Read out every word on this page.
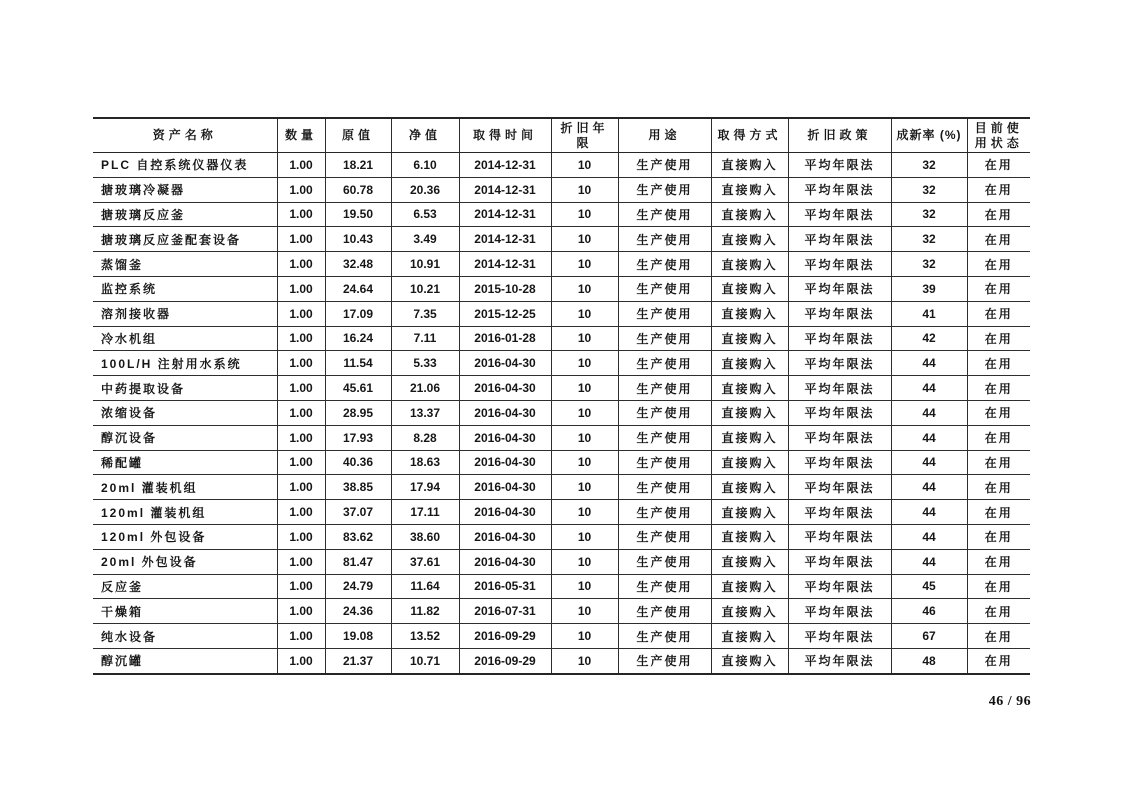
资产名称	数量	原值	净值	取得时间	折旧年限	用途	取得方式	折旧政策	成新率 (%)	目前使用状态
PLC 自控系统仪器仪表	1.00	18.21	6.10	2014-12-31	10	生产使用	直接购入	平均年限法	32	在用
搪玻璃冷凝器	1.00	60.78	20.36	2014-12-31	10	生产使用	直接购入	平均年限法	32	在用
搪玻璃反应釜	1.00	19.50	6.53	2014-12-31	10	生产使用	直接购入	平均年限法	32	在用
搪玻璃反应釜配套设备	1.00	10.43	3.49	2014-12-31	10	生产使用	直接购入	平均年限法	32	在用
蒸馏釜	1.00	32.48	10.91	2014-12-31	10	生产使用	直接购入	平均年限法	32	在用
监控系统	1.00	24.64	10.21	2015-10-28	10	生产使用	直接购入	平均年限法	39	在用
溶剂接收器	1.00	17.09	7.35	2015-12-25	10	生产使用	直接购入	平均年限法	41	在用
冷水机组	1.00	16.24	7.11	2016-01-28	10	生产使用	直接购入	平均年限法	42	在用
100L/H 注射用水系统	1.00	11.54	5.33	2016-04-30	10	生产使用	直接购入	平均年限法	44	在用
中药提取设备	1.00	45.61	21.06	2016-04-30	10	生产使用	直接购入	平均年限法	44	在用
浓缩设备	1.00	28.95	13.37	2016-04-30	10	生产使用	直接购入	平均年限法	44	在用
醇沉设备	1.00	17.93	8.28	2016-04-30	10	生产使用	直接购入	平均年限法	44	在用
稀配罐	1.00	40.36	18.63	2016-04-30	10	生产使用	直接购入	平均年限法	44	在用
20ml 灌装机组	1.00	38.85	17.94	2016-04-30	10	生产使用	直接购入	平均年限法	44	在用
120ml 灌装机组	1.00	37.07	17.11	2016-04-30	10	生产使用	直接购入	平均年限法	44	在用
120ml 外包设备	1.00	83.62	38.60	2016-04-30	10	生产使用	直接购入	平均年限法	44	在用
20ml 外包设备	1.00	81.47	37.61	2016-04-30	10	生产使用	直接购入	平均年限法	44	在用
反应釜	1.00	24.79	11.64	2016-05-31	10	生产使用	直接购入	平均年限法	45	在用
干燥箱	1.00	24.36	11.82	2016-07-31	10	生产使用	直接购入	平均年限法	46	在用
纯水设备	1.00	19.08	13.52	2016-09-29	10	生产使用	直接购入	平均年限法	67	在用
醇沉罐	1.00	21.37	10.71	2016-09-29	10	生产使用	直接购入	平均年限法	48	在用
46 / 96
